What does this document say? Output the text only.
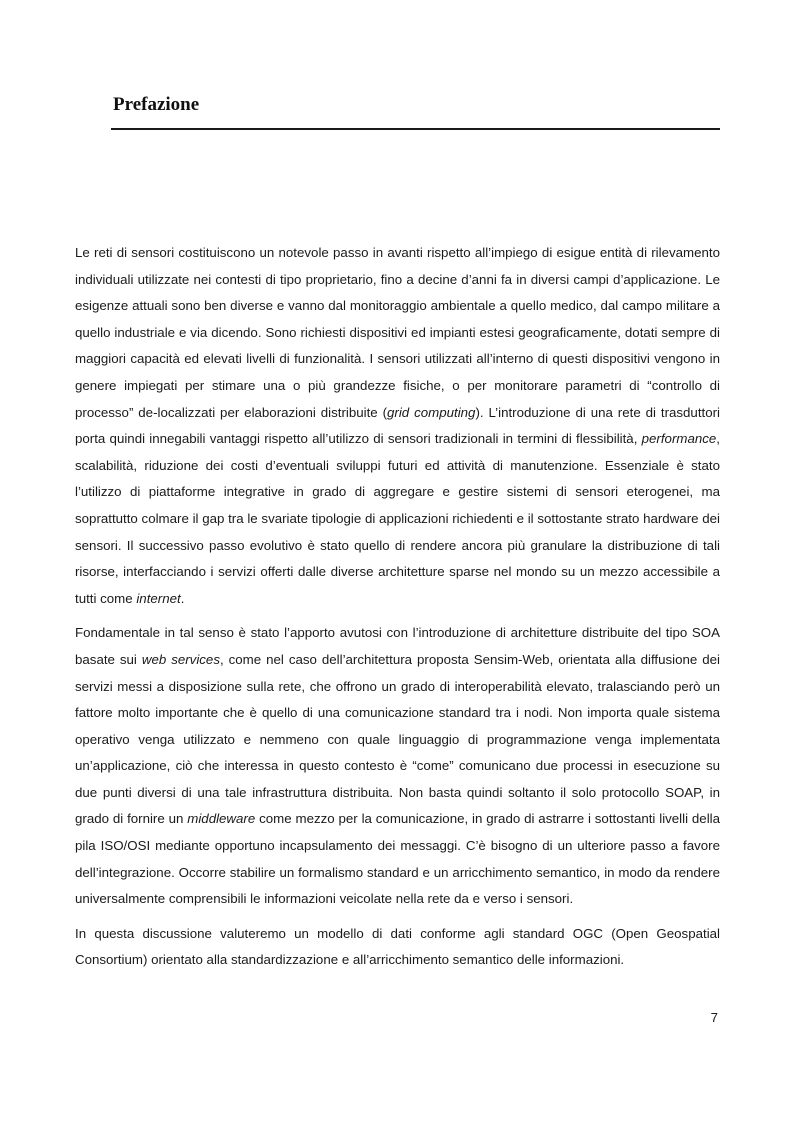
Prefazione

Le reti di sensori costituiscono un notevole passo in avanti rispetto all’impiego di esigue entità di rilevamento individuali utilizzate nei contesti di tipo proprietario, fino a decine d’anni fa in diversi campi d’applicazione. Le esigenze attuali sono ben diverse e vanno dal monitoraggio ambientale a quello medico, dal campo militare a quello industriale e via dicendo. Sono richiesti dispositivi ed impianti estesi geograficamente, dotati sempre di maggiori capacità ed elevati livelli di funzionalità. I sensori utilizzati all’interno di questi dispositivi vengono in genere impiegati per stimare una o più grandezze fisiche, o per monitorare parametri di “controllo di processo” de-localizzati per elaborazioni distribuite (grid computing). L’introduzione di una rete di trasduttori porta quindi innegabili vantaggi rispetto all’utilizzo di sensori tradizionali in termini di flessibilità, performance, scalabilità, riduzione dei costi d’eventuali sviluppi futuri ed attività di manutenzione. Essenziale è stato l’utilizzo di piattaforme integrative in grado di aggregare e gestire sistemi di sensori eterogenei, ma soprattutto colmare il gap tra le svariate tipologie di applicazioni richiedenti e il sottostante strato hardware dei sensori. Il successivo passo evolutivo è stato quello di rendere ancora più granulare la distribuzione di tali risorse, interfacciando i servizi offerti dalle diverse architetture sparse nel mondo su un mezzo accessibile a tutti come internet.

Fondamentale in tal senso è stato l’apporto avutosi con l’introduzione di architetture distribuite del tipo SOA basate sui web services, come nel caso dell’architettura proposta Sensim-Web, orientata alla diffusione dei servizi messi a disposizione sulla rete, che offrono un grado di interoperabilità elevato, tralasciando però un fattore molto importante che è quello di una comunicazione standard tra i nodi. Non importa quale sistema operativo venga utilizzato e nemmeno con quale linguaggio di programmazione venga implementata un’applicazione, ciò che interessa in questo contesto è “come” comunicano due processi in esecuzione su due punti diversi di una tale infrastruttura distribuita. Non basta quindi soltanto il solo protocollo SOAP, in grado di fornire un middleware come mezzo per la comunicazione, in grado di astrarre i sottostanti livelli della pila ISO/OSI mediante opportuno incapsulamento dei messaggi. C’è bisogno di un ulteriore passo a favore dell’integrazione. Occorre stabilire un formalismo standard e un arricchimento semantico, in modo da rendere universalmente comprensibili le informazioni veicolate nella rete da e verso i sensori.

In questa discussione valuteremo un modello di dati conforme agli standard OGC (Open Geospatial Consortium) orientato alla standardizzazione e all’arricchimento semantico delle informazioni.

7
